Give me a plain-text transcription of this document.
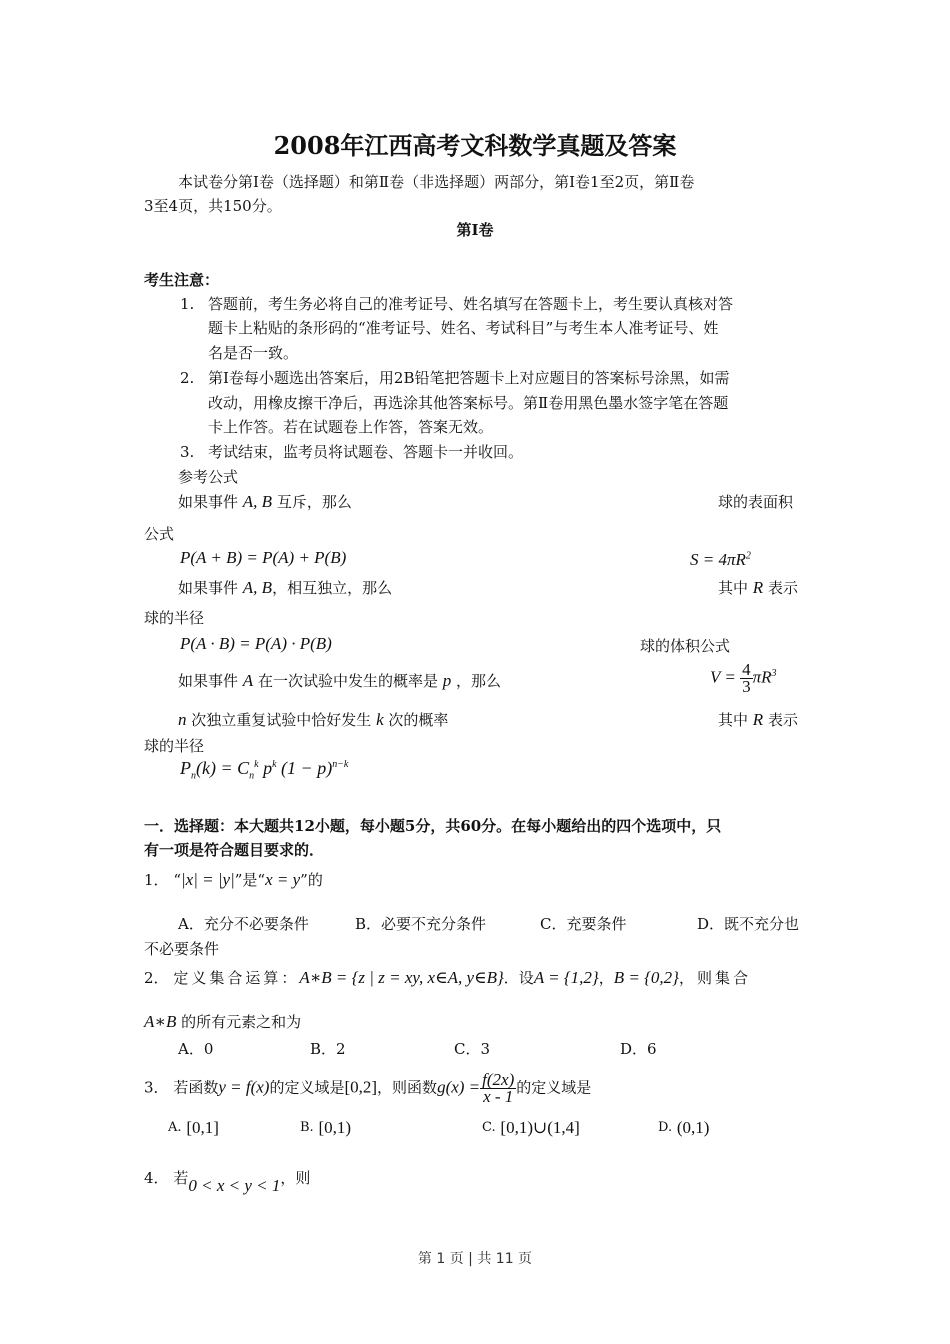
2008年江西高考文科数学真题及答案
本试卷分第Ⅰ卷（选择题）和第Ⅱ卷（非选择题）两部分，第Ⅰ卷1至2页，第Ⅱ卷
3至4页，共150分。
第Ⅰ卷
考生注意：
1. 答题前，考生务必将自己的准考证号、姓名填写在答题卡上，考生要认真核对答
题卡上粘贴的条形码的“准考证号、姓名、考试科目”与考生本人准考证号、姓
名是否一致。
2. 第Ⅰ卷每小题选出答案后，用2B铅笔把答题卡上对应题目的答案标号涂黑，如需
改动，用橡皮擦干净后，再选涂其他答案标号。第Ⅱ卷用黑色墨水签字笔在答题
卡上作答。若在试题卷上作答，答案无效。
3. 考试结束，监考员将试题卷、答题卡一并收回。
参考公式
如果事件 A, B 互斥，那么	球的表面积
公式
P(A + B) = P(A) + P(B)	$S = 4\pi R^2$
如果事件 A, B，相互独立，那么	其中 R 表示
球的半径
P(A · B) = P(A) · P(B)	球的体积公式
如果事件 A 在一次试验中发生的概率是 p ，那么	$V = \frac{4}{3} \pi R^3$
n 次独立重复试验中恰好发生 k 次的概率	其中 R 表示
球的半径
$P_n(k) = C_n^k$ $p^k$ $(1 - p)^{n-k}$
一．选择题：本大题共12小题，每小题5分，共60分。在每小题给出的四个选项中，只
有一项是符合题目要求的．
1． “|x| = |y|”是“x = y”的
A．充分不必要条件	B．必要不充分条件	C．充要条件	D．既不充分也
不必要条件
2． 定义集合运算：A∗B = {z | z = xy, x∈A, y∈B}．设A = {1,2}，B = {0,2}，则集合
A∗B 的所有元素之和为
A．0	B．2	C．3	D．6
3． 若函数y = f(x)的定义域是[0,2]，则函数$g(x) = \frac{f(2x)}{x - 1}$ 的定义域是
A. [0,1]	B. [0,1)	C. [0,1)∪(1,4]	D. (0,1)
4． 若0 < x < y < 1，则
第 1 页 | 共 11 页
